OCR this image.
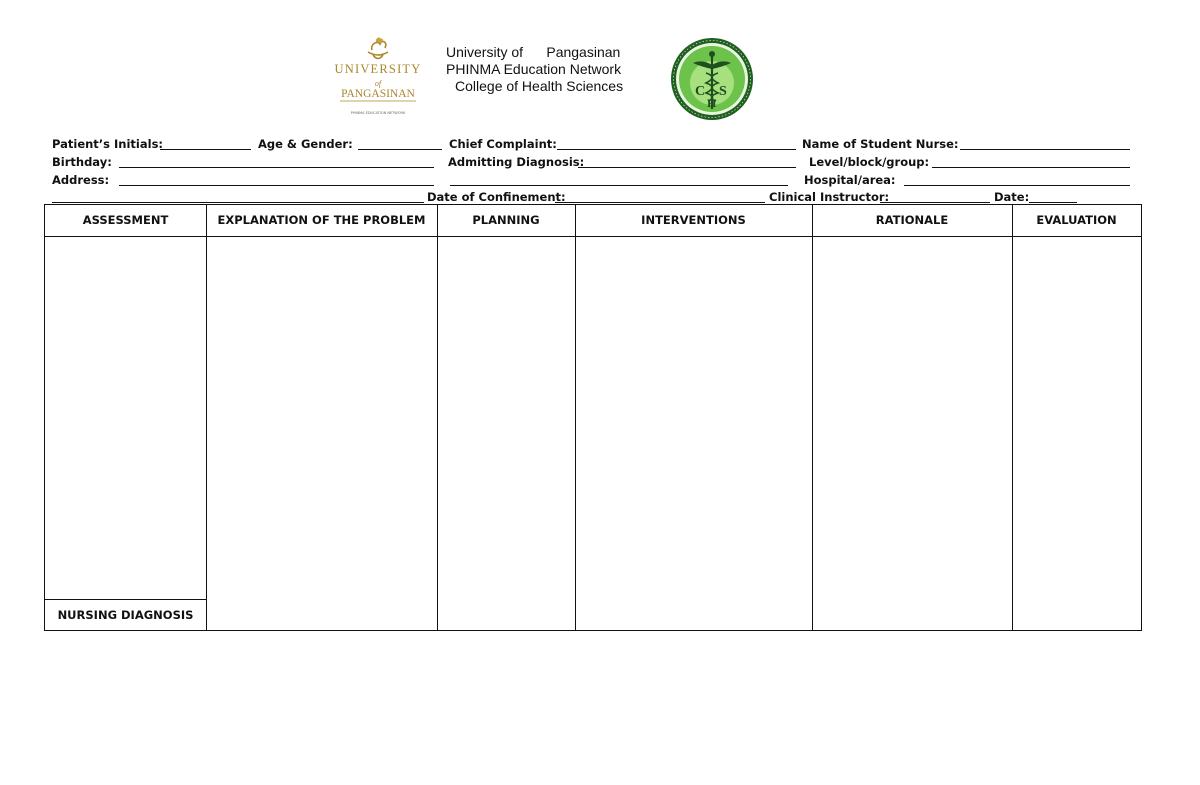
UNIVERSITY
of
PANGASINAN
PHINMA EDUCATION NETWORK
University of      Pangasinan
PHINMA Education Network
College of Health Sciences	C
H
S
Patient’s Initials:	Age & Gender:	Chief Complaint:	Name of Student Nurse:
Birthday:	Admitting Diagnosis:	Level/block/group:
Address:	Hospital/area:
Date of Confinement:	Clinical Instructor:	Date:
ASSESSMENT	EXPLANATION OF THE PROBLEM	PLANNING	INTERVENTIONS	RATIONALE	EVALUATION
NURSING DIAGNOSIS
